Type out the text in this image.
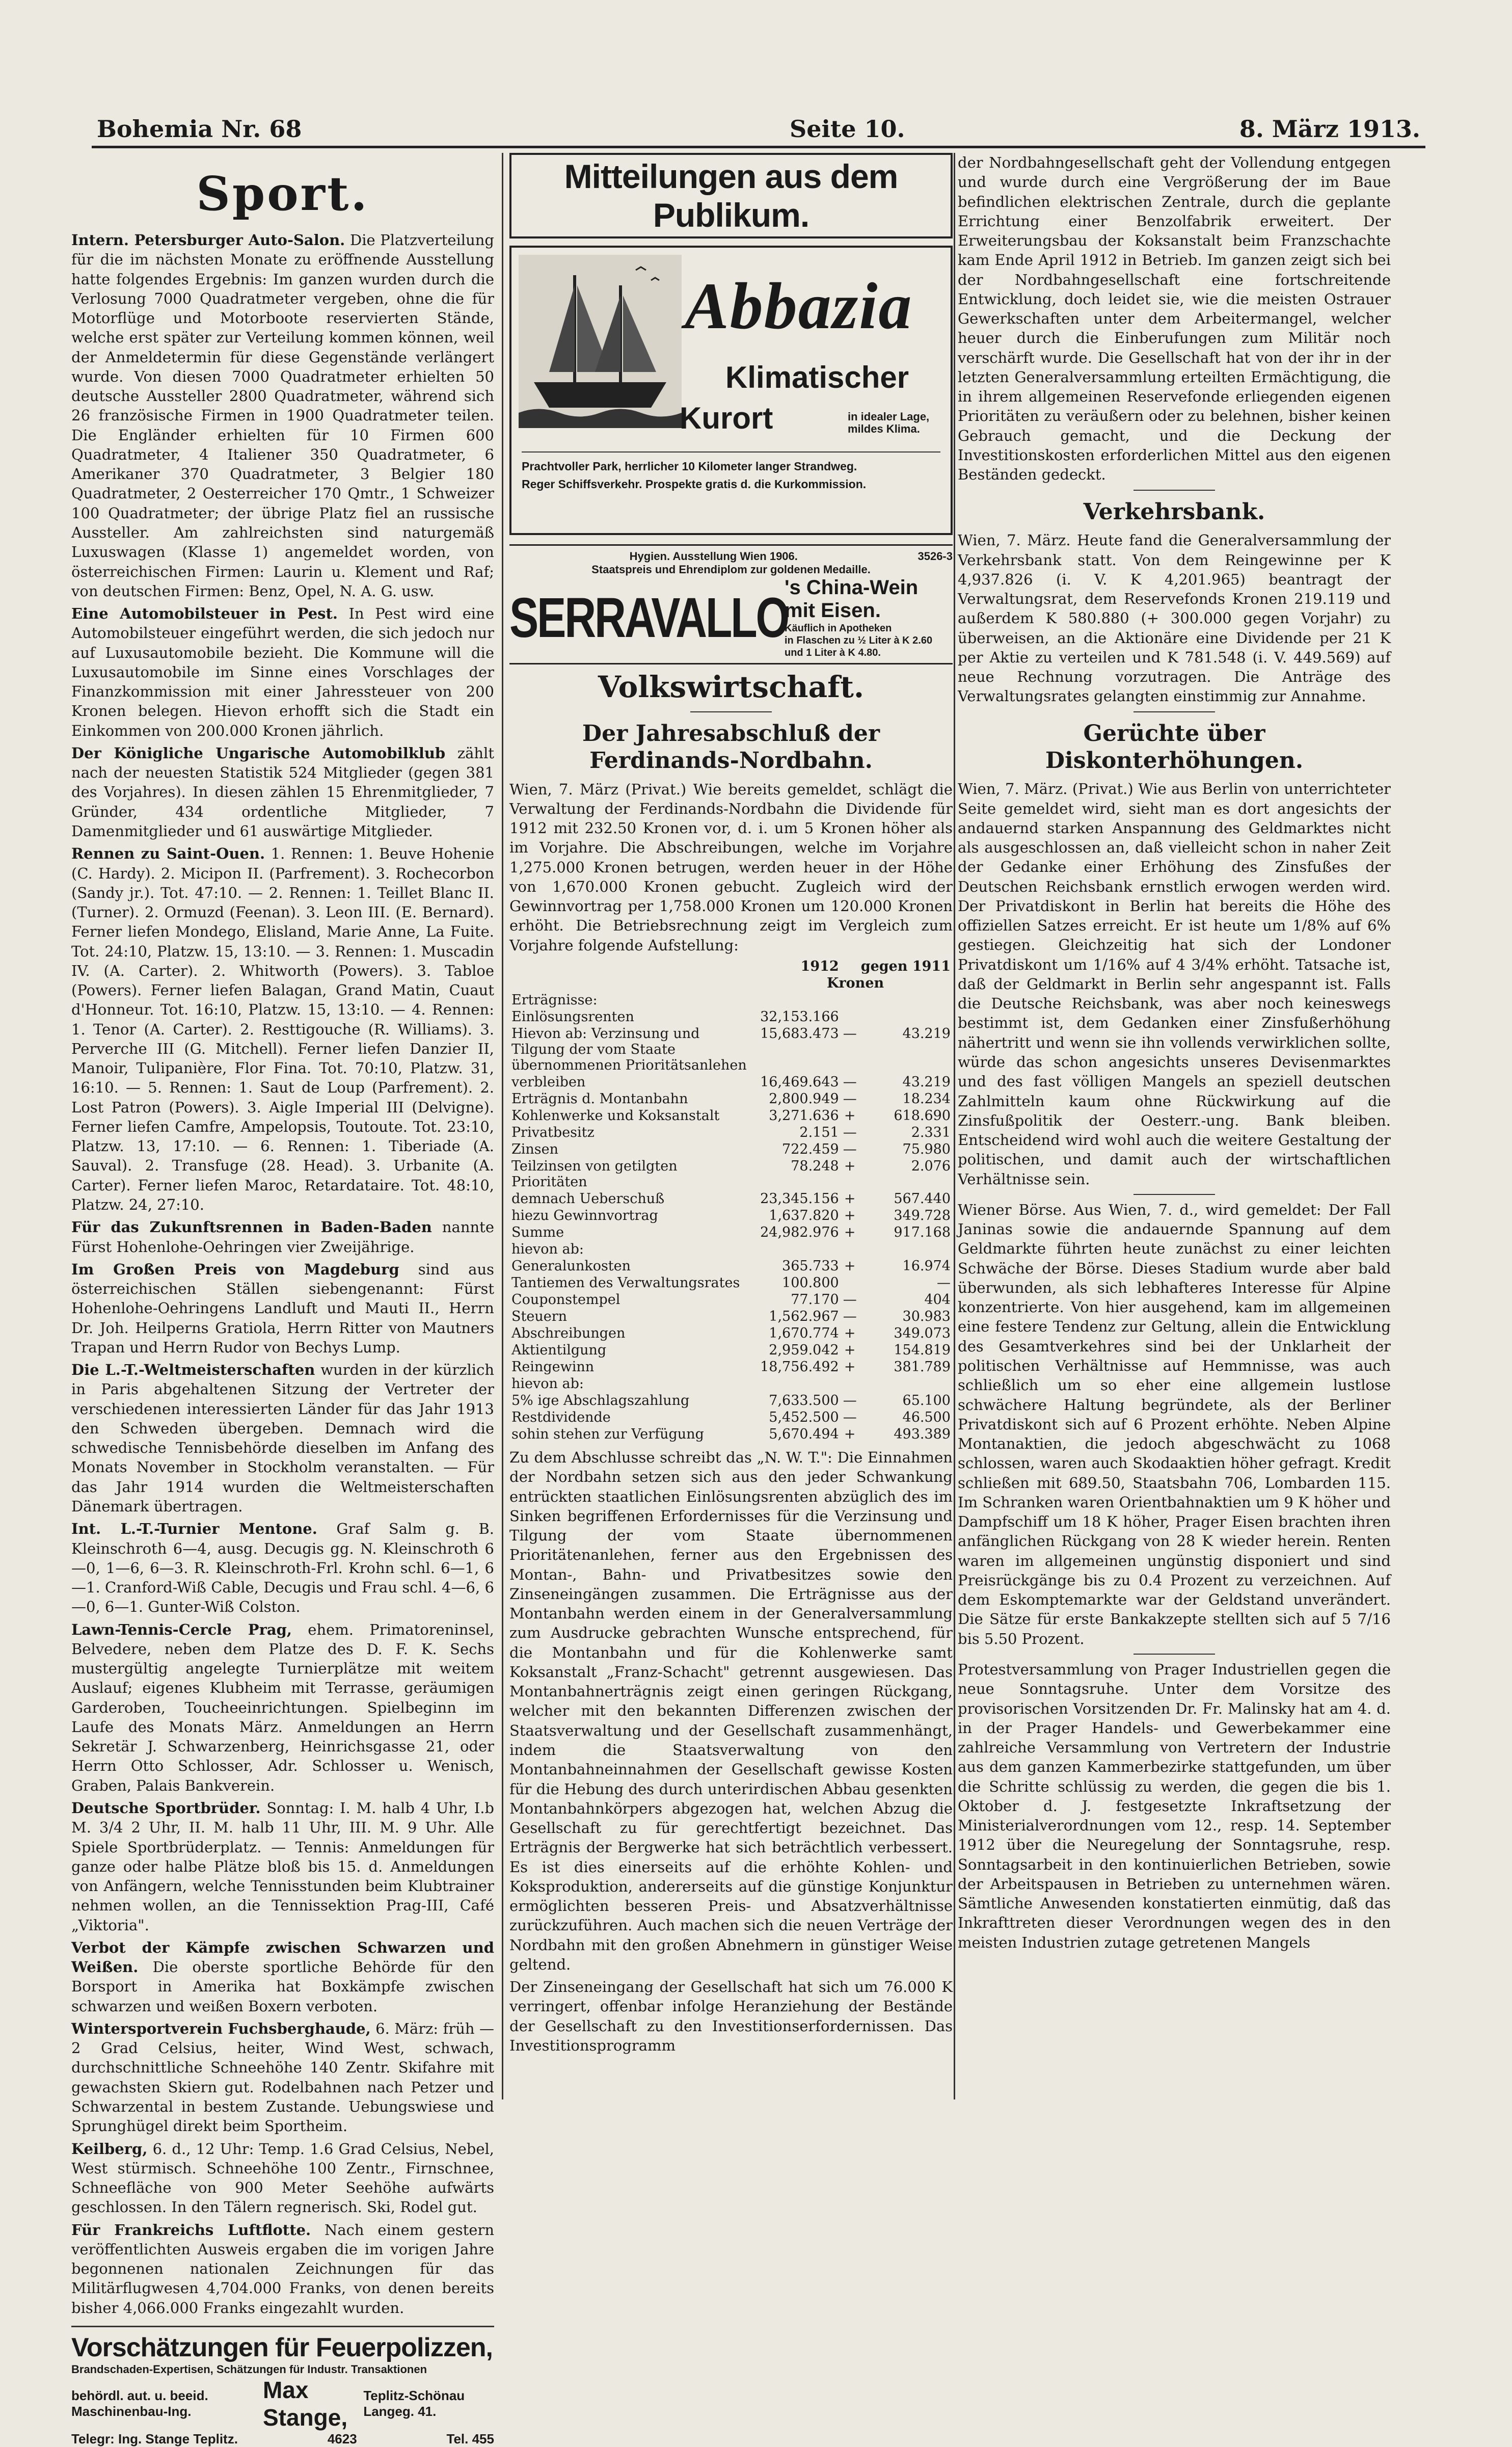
Bohemia Nr. 68	Seite 10.	8. März 1913.
Sport.

Intern. Petersburger Auto-Salon. Die Platzverteilung für die im nächsten Monate zu eröffnende Ausstellung hatte folgendes Ergebnis: Im ganzen wurden durch die Verlosung 7000 Quadratmeter vergeben, ohne die für Motorflüge und Motorboote reservierten Stände, welche erst später zur Verteilung kommen können, weil der Anmeldetermin für diese Gegenstände verlängert wurde. Von diesen 7000 Quadratmeter erhielten 50 deutsche Aussteller 2800 Quadratmeter, während sich 26 französische Firmen in 1900 Quadratmeter teilen. Die Engländer erhielten für 10 Firmen 600 Quadratmeter, 4 Italiener 350 Quadratmeter, 6 Amerikaner 370 Quadratmeter, 3 Belgier 180 Quadratmeter, 2 Oesterreicher 170 Qmtr., 1 Schweizer 100 Quadratmeter; der übrige Platz fiel an russische Aussteller. Am zahlreichsten sind naturgemäß Luxuswagen (Klasse 1) angemeldet worden, von österreichischen Firmen: Laurin u. Klement und Raf; von deutschen Firmen: Benz, Opel, N. A. G. usw.

Eine Automobilsteuer in Pest. In Pest wird eine Automobilsteuer eingeführt werden, die sich jedoch nur auf Luxusautomobile bezieht. Die Kommune will die Luxusautomobile im Sinne eines Vorschlages der Finanzkommission mit einer Jahressteuer von 200 Kronen belegen. Hievon erhofft sich die Stadt ein Einkommen von 200.000 Kronen jährlich.

Der Königliche Ungarische Automobilklub zählt nach der neuesten Statistik 524 Mitglieder (gegen 381 des Vorjahres). In diesen zählen 15 Ehrenmitglieder, 7 Gründer, 434 ordentliche Mitglieder, 7 Damenmitglieder und 61 auswärtige Mitglieder.

Rennen zu Saint-Ouen. 1. Rennen: 1. Beuve Hohenie (C. Hardy). 2. Micipon II. (Parfrement). 3. Rochecorbon (Sandy jr.). Tot. 47:10. — 2. Rennen: 1. Teillet Blanc II. (Turner). 2. Ormuzd (Feenan). 3. Leon III. (E. Bernard). Ferner liefen Mondego, Elisland, Marie Anne, La Fuite. Tot. 24:10, Platzw. 15, 13:10. — 3. Rennen: 1. Muscadin IV. (A. Carter). 2. Whitworth (Powers). 3. Tabloe (Powers). Ferner liefen Balagan, Grand Matin, Cuaut d'Honneur. Tot. 16:10, Platzw. 15, 13:10. — 4. Rennen: 1. Tenor (A. Carter). 2. Resttigouche (R. Williams). 3. Perverche III (G. Mitchell). Ferner liefen Danzier II, Manoir, Tulipanière, Flor Fina. Tot. 70:10, Platzw. 31, 16:10. — 5. Rennen: 1. Saut de Loup (Parfrement). 2. Lost Patron (Powers). 3. Aigle Imperial III (Delvigne). Ferner liefen Camfre, Ampelopsis, Toutoute. Tot. 23:10, Platzw. 13, 17:10. — 6. Rennen: 1. Tiberiade (A. Sauval). 2. Transfuge (28. Head). 3. Urbanite (A. Carter). Ferner liefen Maroc, Retardataire. Tot. 48:10, Platzw. 24, 27:10.

Für das Zukunftsrennen in Baden-Baden nannte Fürst Hohenlohe-Oehringen vier Zweijährige.

Im Großen Preis von Magdeburg sind aus österreichischen Ställen siebengenannt: Fürst Hohenlohe-Oehringens Landluft und Mauti II., Herrn Dr. Joh. Heilperns Gratiola, Herrn Ritter von Mautners Trapan und Herrn Rudor von Bechys Lump.

Die L.-T.-Weltmeisterschaften wurden in der kürzlich in Paris abgehaltenen Sitzung der Vertreter der verschiedenen interessierten Länder für das Jahr 1913 den Schweden übergeben. Demnach wird die schwedische Tennisbehörde dieselben im Anfang des Monats November in Stockholm veranstalten. — Für das Jahr 1914 wurden die Weltmeisterschaften Dänemark übertragen.

Int. L.-T.-Turnier Mentone. Graf Salm g. B. Kleinschroth 6—4, ausg. Decugis gg. N. Kleinschroth 6—0, 1—6, 6—3. R. Kleinschroth-Frl. Krohn schl. 6—1, 6—1. Cranford-Wiß Cable, Decugis und Frau schl. 4—6, 6—0, 6—1. Gunter-Wiß Colston.

Lawn-Tennis-Cercle Prag, ehem. Primatoreninsel, Belvedere, neben dem Platze des D. F. K. Sechs mustergültig angelegte Turnierplätze mit weitem Auslauf; eigenes Klubheim mit Terrasse, geräumigen Garderoben, Toucheeinrichtungen. Spielbeginn im Laufe des Monats März. Anmeldungen an Herrn Sekretär J. Schwarzenberg, Heinrichsgasse 21, oder Herrn Otto Schlosser, Adr. Schlosser u. Wenisch, Graben, Palais Bankverein.

Deutsche Sportbrüder. Sonntag: I. M. halb 4 Uhr, I.b M. 3/4 2 Uhr, II. M. halb 11 Uhr, III. M. 9 Uhr. Alle Spiele Sportbrüderplatz. — Tennis: Anmeldungen für ganze oder halbe Plätze bloß bis 15. d. Anmeldungen von Anfängern, welche Tennisstunden beim Klubtrainer nehmen wollen, an die Tennissektion Prag-III, Café „Viktoria".

Verbot der Kämpfe zwischen Schwarzen und Weißen. Die oberste sportliche Behörde für den Borsport in Amerika hat Boxkämpfe zwischen schwarzen und weißen Boxern verboten.

Wintersportverein Fuchsberghaude, 6. März: früh — 2 Grad Celsius, heiter, Wind West, schwach, durchschnittliche Schneehöhe 140 Zentr. Skifahre mit gewachsten Skiern gut. Rodelbahnen nach Petzer und Schwarzental in bestem Zustande. Uebungswiese und Sprunghügel direkt beim Sportheim.

Keilberg, 6. d., 12 Uhr: Temp. 1.6 Grad Celsius, Nebel, West stürmisch. Schneehöhe 100 Zentr., Firnschnee, Schneefläche von 900 Meter Seehöhe aufwärts geschlossen. In den Tälern regnerisch. Ski, Rodel gut.

Für Frankreichs Luftflotte. Nach einem gestern veröffentlichten Ausweis ergaben die im vorigen Jahre begonnenen nationalen Zeichnungen für das Militärflugwesen 4,704.000 Franks, von denen bereits bisher 4,066.000 Franks eingezahlt wurden.

Vorschätzungen für Feuerpolizzen,
Brandschaden-Expertisen, Schätzungen für Industr. Transaktionen
behördl. aut. u. beeid. Maschinenbau-Ing.
Max Stange,
Teplitz-Schönau Langeg. 41.
Telegr: Ing. Stange Teplitz.	4623	Tel. 455
Mitteilungen aus dem Publikum.
Abbazia
Klimatischer
Kurort	in idealer Lage, mildes Klima.
Prachtvoller Park, herrlicher 10 Kilometer langer Strandweg.
Reger Schiffsverkehr. Prospekte gratis d. die Kurkommission.
Hygien. Ausstellung Wien 1906.	3526-3
Staatspreis und Ehrendiplom zur goldenen Medaille.
SERRAVALLO
's China-Wein mit Eisen.
Käuflich in Apotheken
in Flaschen zu ½ Liter à K 2.60
und 1 Liter à K 4.80.
Volkswirtschaft.
Der Jahresabschluß der Ferdinands-Nordbahn.

Wien, 7. März (Privat.) Wie bereits gemeldet, schlägt die Verwaltung der Ferdinands-Nordbahn die Dividende für 1912 mit 232.50 Kronen vor, d. i. um 5 Kronen höher als im Vorjahre. Die Abschreibungen, welche im Vorjahre 1,275.000 Kronen betrugen, werden heuer in der Höhe von 1,670.000 Kronen gebucht. Zugleich wird der Gewinnvortrag per 1,758.000 Kronen um 120.000 Kronen erhöht. Die Betriebsrechnung zeigt im Vergleich zum Vorjahre folgende Aufstellung:

	1912		gegen 1911
	Kronen		
Erträgnisse:			
Einlösungsrenten	32,153.166		
Hievon ab: Verzinsung und Tilgung der vom Staate übernommenen Prioritätsanlehen	15,683.473	—	43.219
verbleiben	16,469.643	—	43.219
Erträgnis d. Montanbahn	2,800.949	—	18.234
Kohlenwerke und Koksanstalt	3,271.636	+	618.690
Privatbesitz	2.151	—	2.331
Zinsen	722.459	—	75.980
Teilzinsen von getilgten Prioritäten	78.248	+	2.076
demnach Ueberschuß	23,345.156	+	567.440
hiezu Gewinnvortrag	1,637.820	+	349.728
Summe	24,982.976	+	917.168
hievon ab:			
Generalunkosten	365.733	+	16.974
Tantiemen des Verwaltungsrates	100.800		—
Couponstempel	77.170	—	404
Steuern	1,562.967	—	30.983
Abschreibungen	1,670.774	+	349.073
Aktientilgung	2,959.042	+	154.819
Reingewinn	18,756.492	+	381.789
hievon ab:			
5% ige Abschlagszahlung	7,633.500	—	65.100
Restdividende	5,452.500	—	46.500
sohin stehen zur Verfügung	5,670.494	+	493.389

Zu dem Abschlusse schreibt das „N. W. T.": Die Einnahmen der Nordbahn setzen sich aus den jeder Schwankung entrückten staatlichen Einlösungsrenten abzüglich des im Sinken begriffenen Erfordernisses für die Verzinsung und Tilgung der vom Staate übernommenen Prioritätenanlehen, ferner aus den Ergebnissen des Montan-, Bahn- und Privatbesitzes sowie den Zinseneingängen zusammen. Die Erträgnisse aus der Montanbahn werden einem in der Generalversammlung zum Ausdrucke gebrachten Wunsche entsprechend, für die Montanbahn und für die Kohlenwerke samt Koksanstalt „Franz-Schacht" getrennt ausgewiesen. Das Montanbahnerträgnis zeigt einen geringen Rückgang, welcher mit den bekannten Differenzen zwischen der Staatsverwaltung und der Gesellschaft zusammenhängt, indem die Staatsverwaltung von den Montanbahneinnahmen der Gesellschaft gewisse Kosten für die Hebung des durch unterirdischen Abbau gesenkten Montanbahnkörpers abgezogen hat, welchen Abzug die Gesellschaft zu für gerechtfertigt bezeichnet. Das Erträgnis der Bergwerke hat sich beträchtlich verbessert. Es ist dies einerseits auf die erhöhte Kohlen- und Koksproduktion, andererseits auf die günstige Konjunktur ermöglichten besseren Preis- und Absatzverhältnisse zurückzuführen. Auch machen sich die neuen Verträge der Nordbahn mit den großen Abnehmern in günstiger Weise geltend.

Der Zinseneingang der Gesellschaft hat sich um 76.000 K verringert, offenbar infolge Heranziehung der Bestände der Gesellschaft zu den Investitionserfordernissen. Das Investitionsprogramm

der Nordbahngesellschaft geht der Vollendung entgegen und wurde durch eine Vergrößerung der im Baue befindlichen elektrischen Zentrale, durch die geplante Errichtung einer Benzolfabrik erweitert. Der Erweiterungsbau der Koksanstalt beim Franzschachte kam Ende April 1912 in Betrieb. Im ganzen zeigt sich bei der Nordbahngesellschaft eine fortschreitende Entwicklung, doch leidet sie, wie die meisten Ostrauer Gewerkschaften unter dem Arbeitermangel, welcher heuer durch die Einberufungen zum Militär noch verschärft wurde. Die Gesellschaft hat von der ihr in der letzten Generalversammlung erteilten Ermächtigung, die in ihrem allgemeinen Reservefonde erliegenden eigenen Prioritäten zu veräußern oder zu belehnen, bisher keinen Gebrauch gemacht, und die Deckung der Investitionskosten erforderlichen Mittel aus den eigenen Beständen gedeckt.

Verkehrsbank.

Wien, 7. März. Heute fand die Generalversammlung der Verkehrsbank statt. Von dem Reingewinne per K 4,937.826 (i. V. K 4,201.965) beantragt der Verwaltungsrat, dem Reservefonds Kronen 219.119 und außerdem K 580.880 (+ 300.000 gegen Vorjahr) zu überweisen, an die Aktionäre eine Dividende per 21 K per Aktie zu verteilen und K 781.548 (i. V. 449.569) auf neue Rechnung vorzutragen. Die Anträge des Verwaltungsrates gelangten einstimmig zur Annahme.

Gerüchte über Diskonterhöhungen.

Wien, 7. März. (Privat.) Wie aus Berlin von unterrichteter Seite gemeldet wird, sieht man es dort angesichts der andauernd starken Anspannung des Geldmarktes nicht als ausgeschlossen an, daß vielleicht schon in naher Zeit der Gedanke einer Erhöhung des Zinsfußes der Deutschen Reichsbank ernstlich erwogen werden wird. Der Privatdiskont in Berlin hat bereits die Höhe des offiziellen Satzes erreicht. Er ist heute um 1/8% auf 6% gestiegen. Gleichzeitig hat sich der Londoner Privatdiskont um 1/16% auf 4 3/4% erhöht. Tatsache ist, daß der Geldmarkt in Berlin sehr angespannt ist. Falls die Deutsche Reichsbank, was aber noch keineswegs bestimmt ist, dem Gedanken einer Zinsfußerhöhung nähertritt und wenn sie ihn vollends verwirklichen sollte, würde das schon angesichts unseres Devisenmarktes und des fast völligen Mangels an speziell deutschen Zahlmitteln kaum ohne Rückwirkung auf die Zinsfußpolitik der Oesterr.-ung. Bank bleiben. Entscheidend wird wohl auch die weitere Gestaltung der politischen, und damit auch der wirtschaftlichen Verhältnisse sein.

Wiener Börse. Aus Wien, 7. d., wird gemeldet: Der Fall Janinas sowie die andauernde Spannung auf dem Geldmarkte führten heute zunächst zu einer leichten Schwäche der Börse. Dieses Stadium wurde aber bald überwunden, als sich lebhafteres Interesse für Alpine konzentrierte. Von hier ausgehend, kam im allgemeinen eine festere Tendenz zur Geltung, allein die Entwicklung des Gesamtverkehres sind bei der Unklarheit der politischen Verhältnisse auf Hemmnisse, was auch schließlich um so eher eine allgemein lustlose schwächere Haltung begründete, als der Berliner Privatdiskont sich auf 6 Prozent erhöhte. Neben Alpine Montanaktien, die jedoch abgeschwächt zu 1068 schlossen, waren auch Skodaaktien höher gefragt. Kredit schließen mit 689.50, Staatsbahn 706, Lombarden 115. Im Schranken waren Orientbahnaktien um 9 K höher und Dampfschiff um 18 K höher, Prager Eisen brachten ihren anfänglichen Rückgang von 28 K wieder herein. Renten waren im allgemeinen ungünstig disponiert und sind Preisrückgänge bis zu 0.4 Prozent zu verzeichnen. Auf dem Eskomptemarkte war der Geldstand unverändert. Die Sätze für erste Bankakzepte stellten sich auf 5 7/16 bis 5.50 Prozent.

Protestversammlung von Prager Industriellen gegen die neue Sonntagsruhe. Unter dem Vorsitze des provisorischen Vorsitzenden Dr. Fr. Malinsky hat am 4. d. in der Prager Handels- und Gewerbekammer eine zahlreiche Versammlung von Vertretern der Industrie aus dem ganzen Kammerbezirke stattgefunden, um über die Schritte schlüssig zu werden, die gegen die bis 1. Oktober d. J. festgesetzte Inkraftsetzung der Ministerialverordnungen vom 12., resp. 14. September 1912 über die Neuregelung der Sonntagsruhe, resp. Sonntagsarbeit in den kontinuierlichen Betrieben, sowie der Arbeitspausen in Betrieben zu unternehmen wären. Sämtliche Anwesenden konstatierten einmütig, daß das Inkrafttreten dieser Verordnungen wegen des in den meisten Industrien zutage getretenen Mangels
